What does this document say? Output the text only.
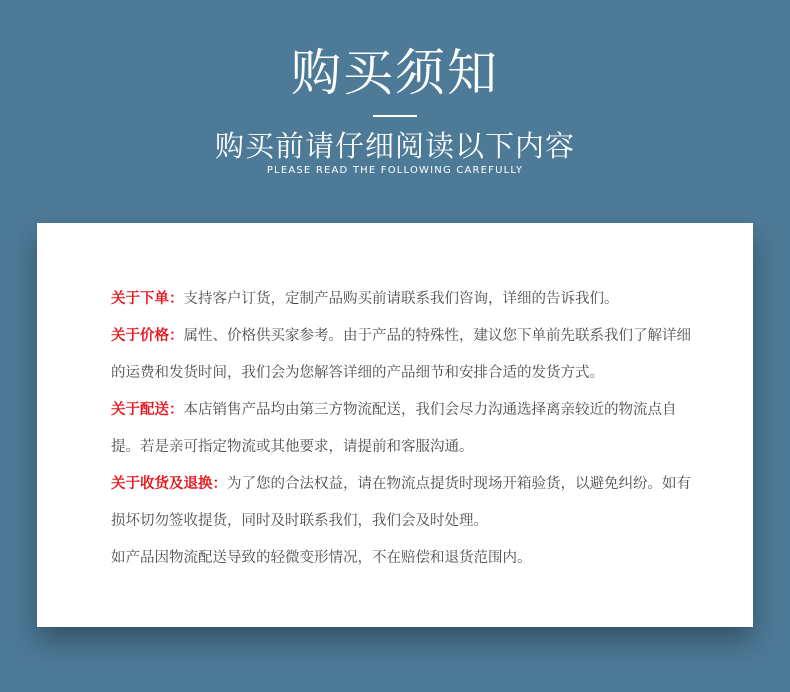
购买须知
购买前请仔细阅读以下内容
PLEASE READ THE FOLLOWING CAREFULLY

关于下单：支持客户订货，定制产品购买前请联系我们咨询，详细的告诉我们。

关于价格：属性、价格供买家参考。由于产品的特殊性，建议您下单前先联系我们了解详细的运费和发货时间，我们会为您解答详细的产品细节和安排合适的发货方式。

关于配送：本店销售产品均由第三方物流配送，我们会尽力沟通选择离亲较近的物流点自提。若是亲可指定物流或其他要求，请提前和客服沟通。

关于收货及退换：为了您的合法权益，请在物流点提货时现场开箱验货，以避免纠纷。如有损坏切勿签收提货，同时及时联系我们，我们会及时处理。

如产品因物流配送导致的轻微变形情况，不在赔偿和退货范围内。
